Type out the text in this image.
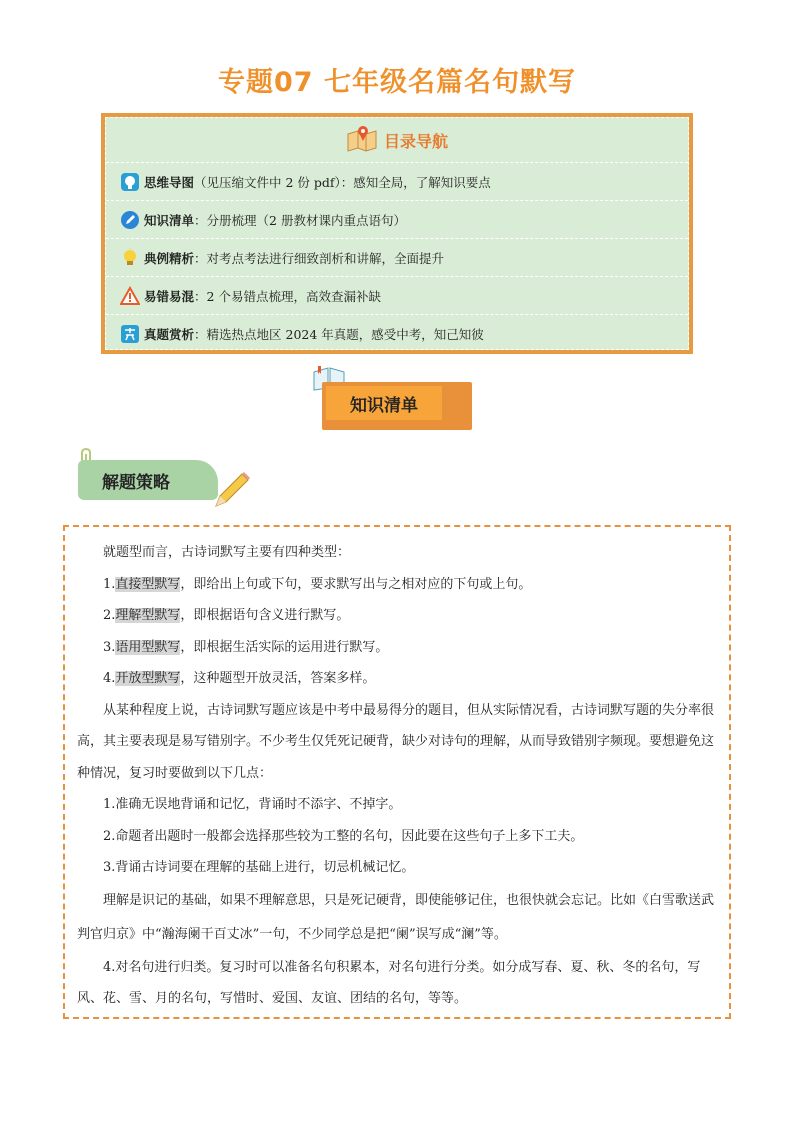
专题07 七年级名篇名句默写
目录导航
思维导图 （见压缩文件中 2 份 pdf）：感知全局，了解知识要点
知识清单 ：分册梳理（2 册教材课内重点语句）
典例精析 ：对考点考法进行细致剖析和讲解，全面提升
易错易混 ：2 个易错点梳理，高效查漏补缺
真题赏析 ：精选热点地区 2024 年真题，感受中考，知己知彼
知识清单
解题策略

就题型而言，古诗词默写主要有四种类型：

1.直接型默写，即给出上句或下句，要求默写出与之相对应的下句或上句。

2.理解型默写，即根据语句含义进行默写。

3.语用型默写，即根据生活实际的运用进行默写。

4.开放型默写，这种题型开放灵活，答案多样。

从某种程度上说，古诗词默写题应该是中考中最易得分的题目，但从实际情况看，古诗词默写题的失分率很高，其主要表现是易写错别字。不少考生仅凭死记硬背，缺少对诗句的理解，从而导致错别字频现。要想避免这种情况，复习时要做到以下几点：

1.准确无误地背诵和记忆，背诵时不添字、不掉字。

2.命题者出题时一般都会选择那些较为工整的名句，因此要在这些句子上多下工夫。

3.背诵古诗词要在理解的基础上进行，切忌机械记忆。

理解是识记的基础，如果不理解意思，只是死记硬背，即使能够记住，也很快就会忘记。比如《白雪歌送武判官归京》中“瀚海阑干百丈冰”一句，不少同学总是把“阑”误写成“澜”等。

4.对名句进行归类。复习时可以准备名句积累本，对名句进行分类。如分成写春、夏、秋、冬的名句，写风、花、雪、月的名句，写惜时、爱国、友谊、团结的名句，等等。
